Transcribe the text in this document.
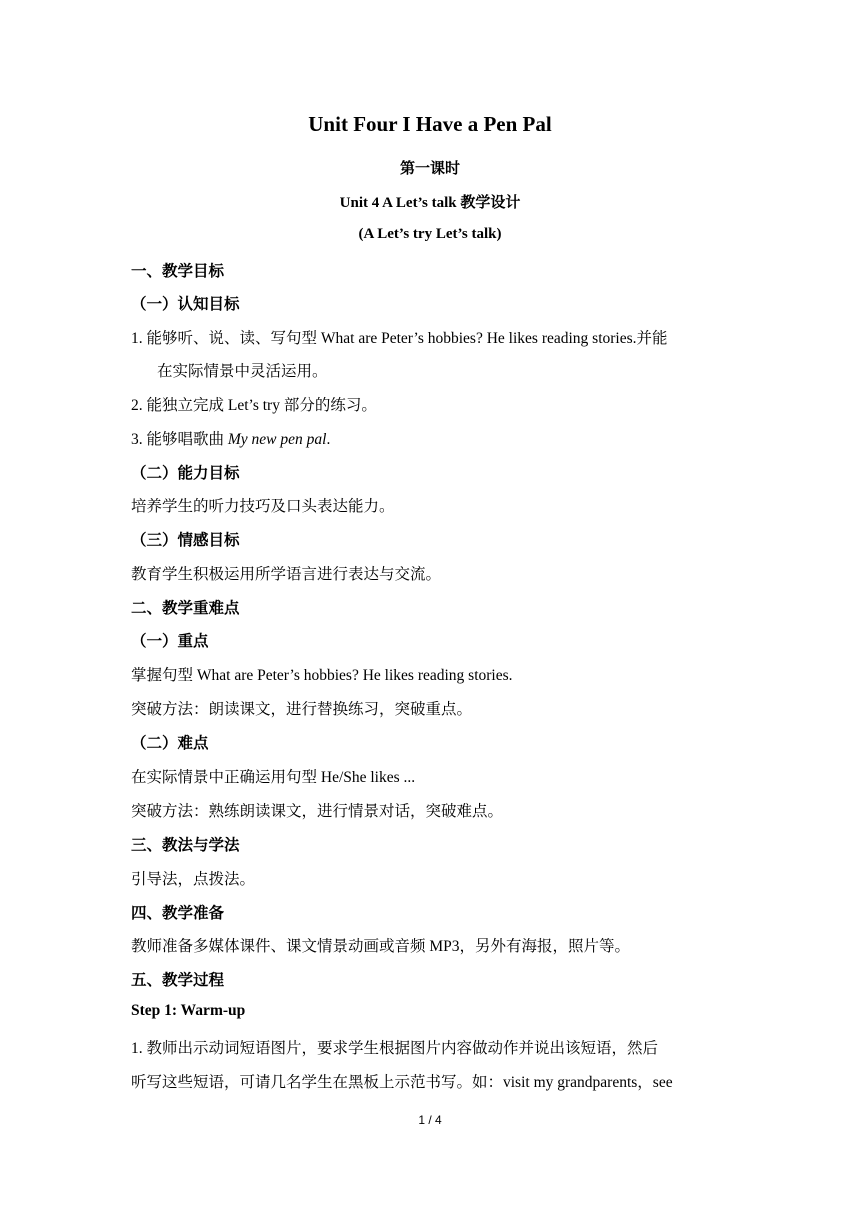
Unit Four I Have a Pen Pal
第一课时
Unit 4 A Let’s talk 教学设计
(A Let’s try Let’s talk)
一、教学目标
（一）认知目标
1. 能够听、说、读、写句型 What are Peter’s hobbies? He likes reading stories.并能
在实际情景中灵活运用。
2. 能独立完成 Let’s try 部分的练习。
3. 能够唱歌曲 My new pen pal.
（二）能力目标
培养学生的听力技巧及口头表达能力。
（三）情感目标
教育学生积极运用所学语言进行表达与交流。
二、教学重难点
（一）重点
掌握句型 What are Peter’s hobbies? He likes reading stories.
突破方法：朗读课文，进行替换练习，突破重点。
（二）难点
在实际情景中正确运用句型 He/She likes ...
突破方法：熟练朗读课文，进行情景对话，突破难点。
三、教法与学法
引导法，点拨法。
四、教学准备
教师准备多媒体课件、课文情景动画或音频 MP3，另外有海报，照片等。
五、教学过程
Step 1: Warm-up
1. 教师出示动词短语图片，要求学生根据图片内容做动作并说出该短语，然后
听写这些短语，可请几名学生在黑板上示范书写。如：visit my grandparents，see
1 / 4
